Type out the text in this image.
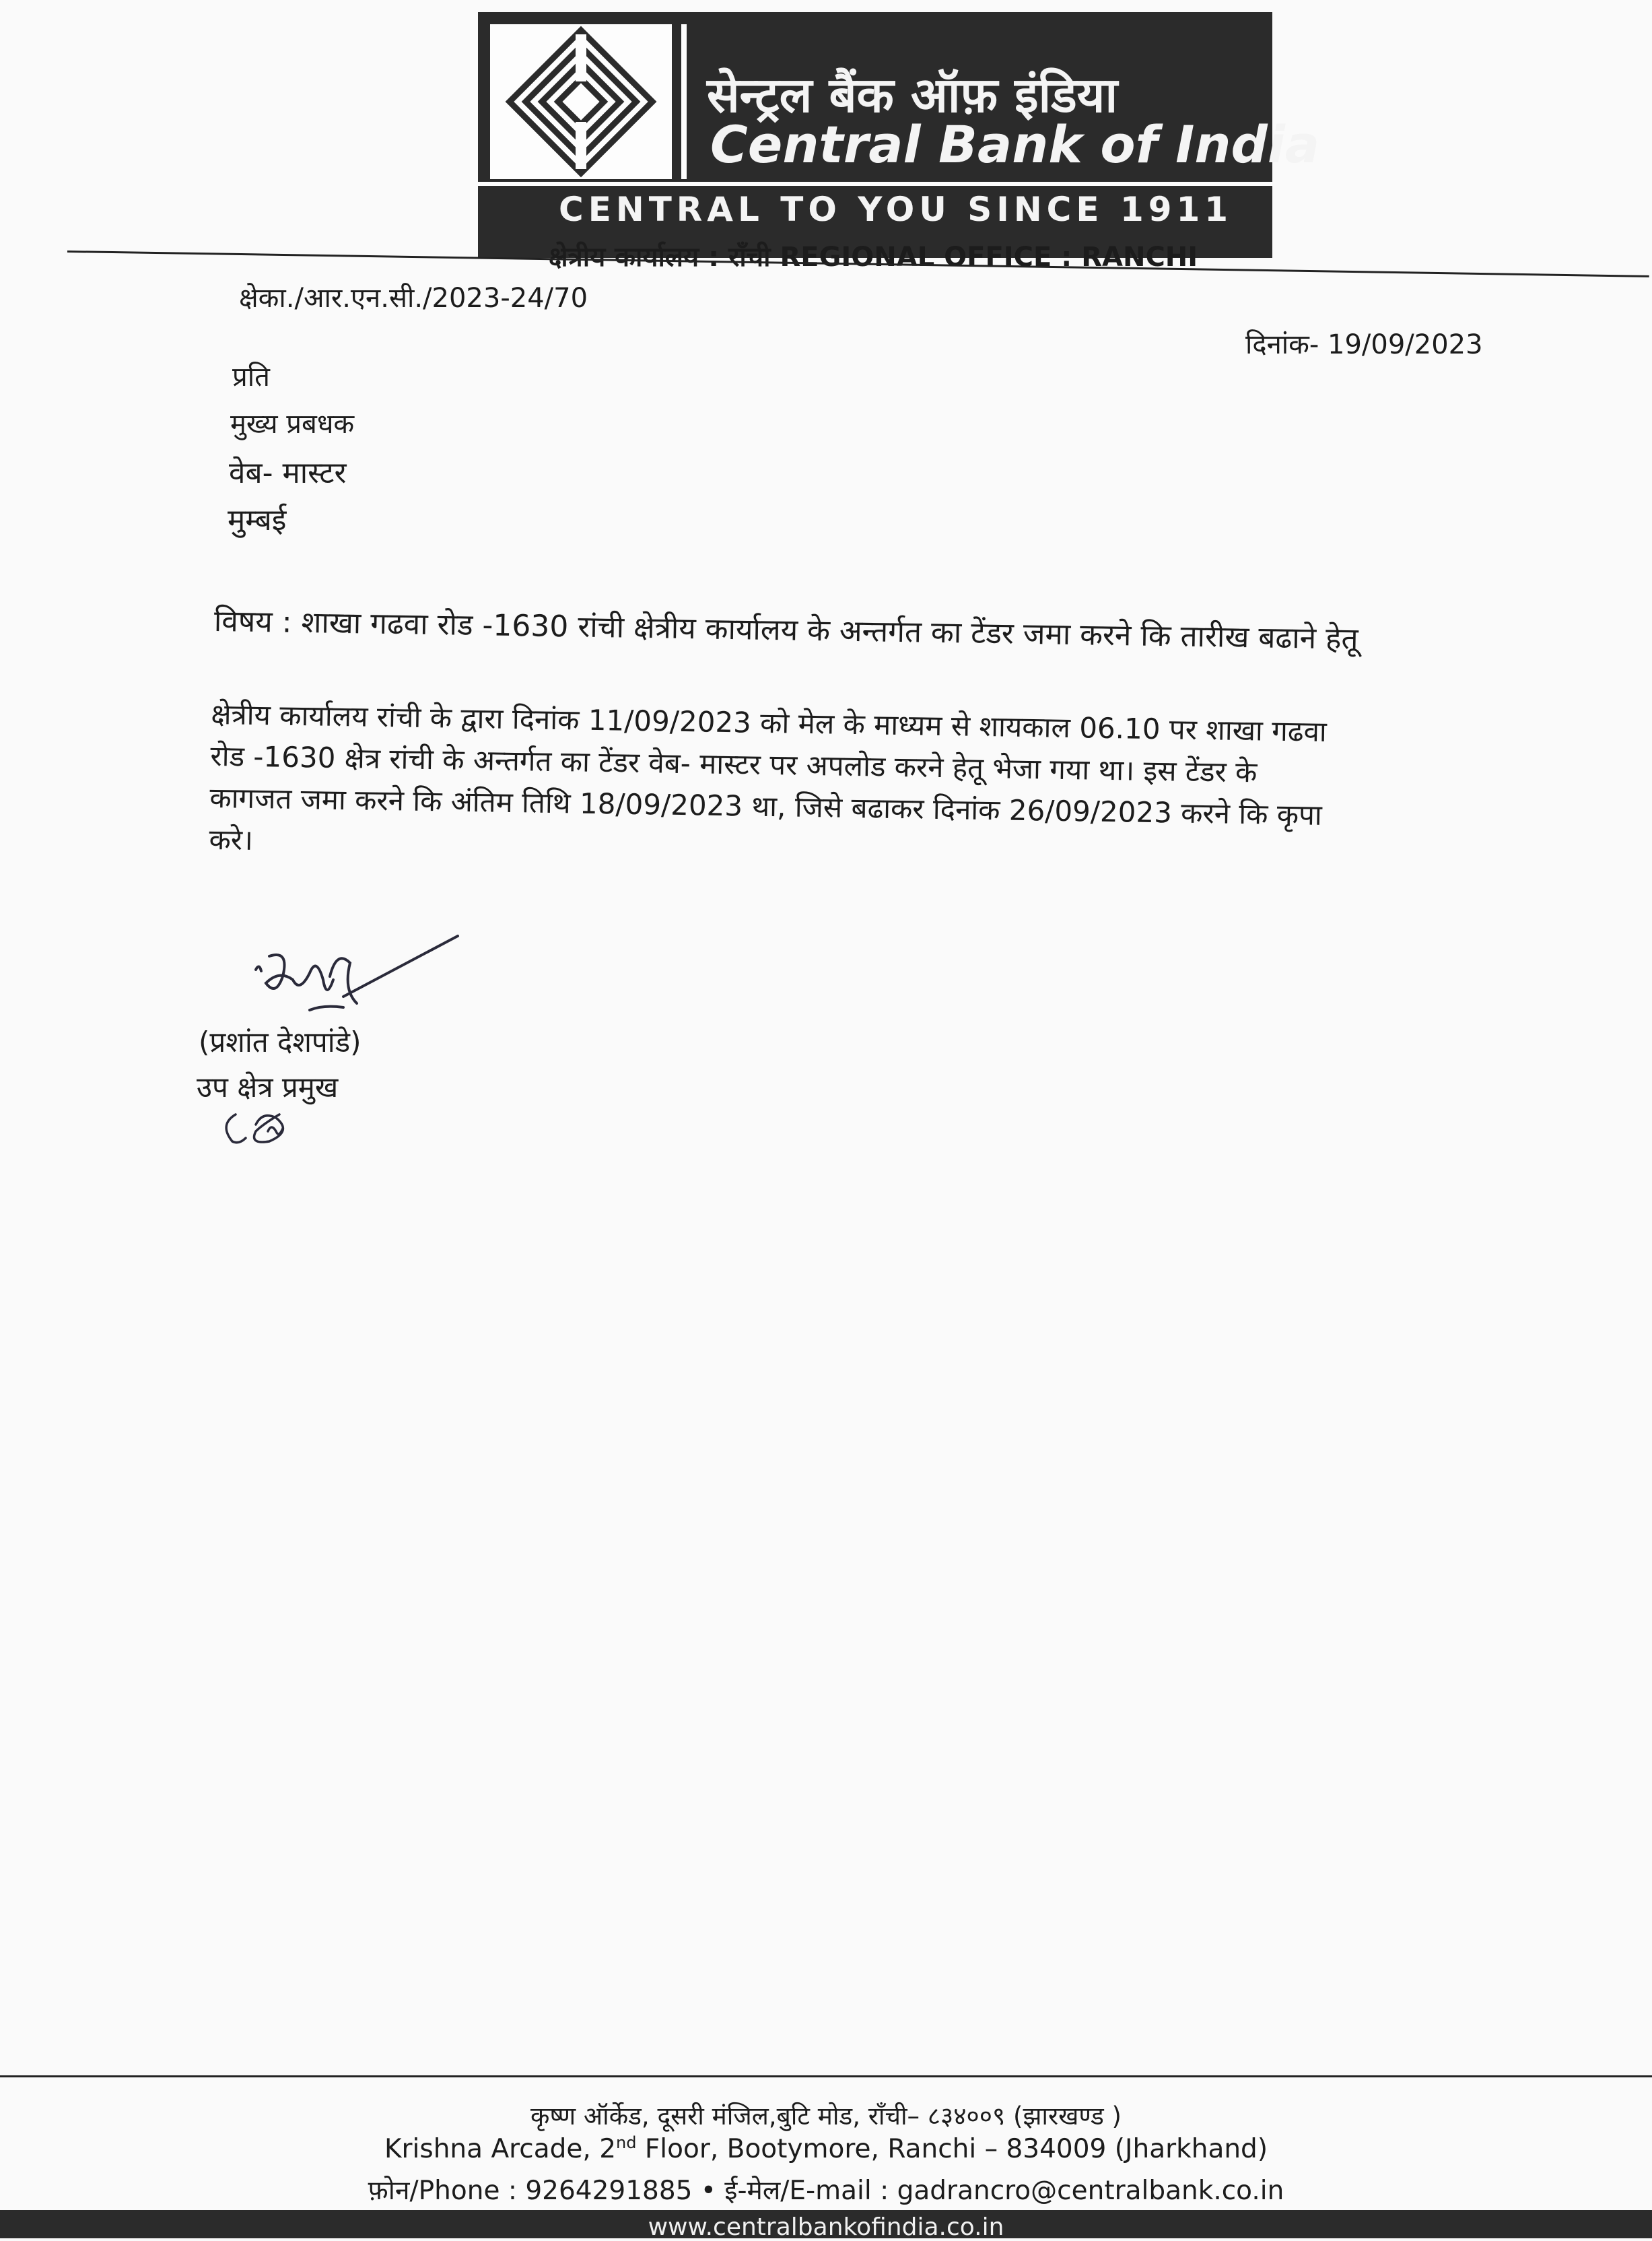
सेन्ट्रल बैंक ऑफ़ इंडिया
Central Bank of India
CENTRAL TO YOU SINCE 1911
क्षेत्रीय कार्यालय : राँची REGIONAL OFFICE : RANCHI
क्षेका./आर.एन.सी./2023-24/70
दिनांक- 19/09/2023
प्रति
मुख्य प्रबधक
वेब- मास्टर
मुम्बई
विषय : शाखा गढवा रोड -1630 रांची क्षेत्रीय कार्यालय के अन्तर्गत का टेंडर जमा करने कि तारीख बढाने हेतू
क्षेत्रीय कार्यालय रांची के द्वारा दिनांक 11/09/2023 को मेल के माध्यम से शायकाल 06.10 पर शाखा गढवा
रोड -1630 क्षेत्र रांची के अन्तर्गत का टेंडर वेब- मास्टर पर अपलोड करने हेतू भेजा गया था। इस टेंडर के
कागजत जमा करने कि अंतिम तिथि 18/09/2023 था, जिसे बढाकर दिनांक 26/09/2023 करने कि कृपा
करे।
(प्रशांत देशपांडे)
उप क्षेत्र प्रमुख
कृष्ण ऑर्केड, दूसरी मंजिल,बुटि मोड, राँची– ८३४००९ (झारखण्ड )
Krishna Arcade, 2nd Floor, Bootymore, Ranchi – 834009 (Jharkhand)
फ़ोन/Phone : 9264291885 • ई-मेल/E-mail : gadrancro@centralbank.co.in
www.centralbankofindia.co.in
